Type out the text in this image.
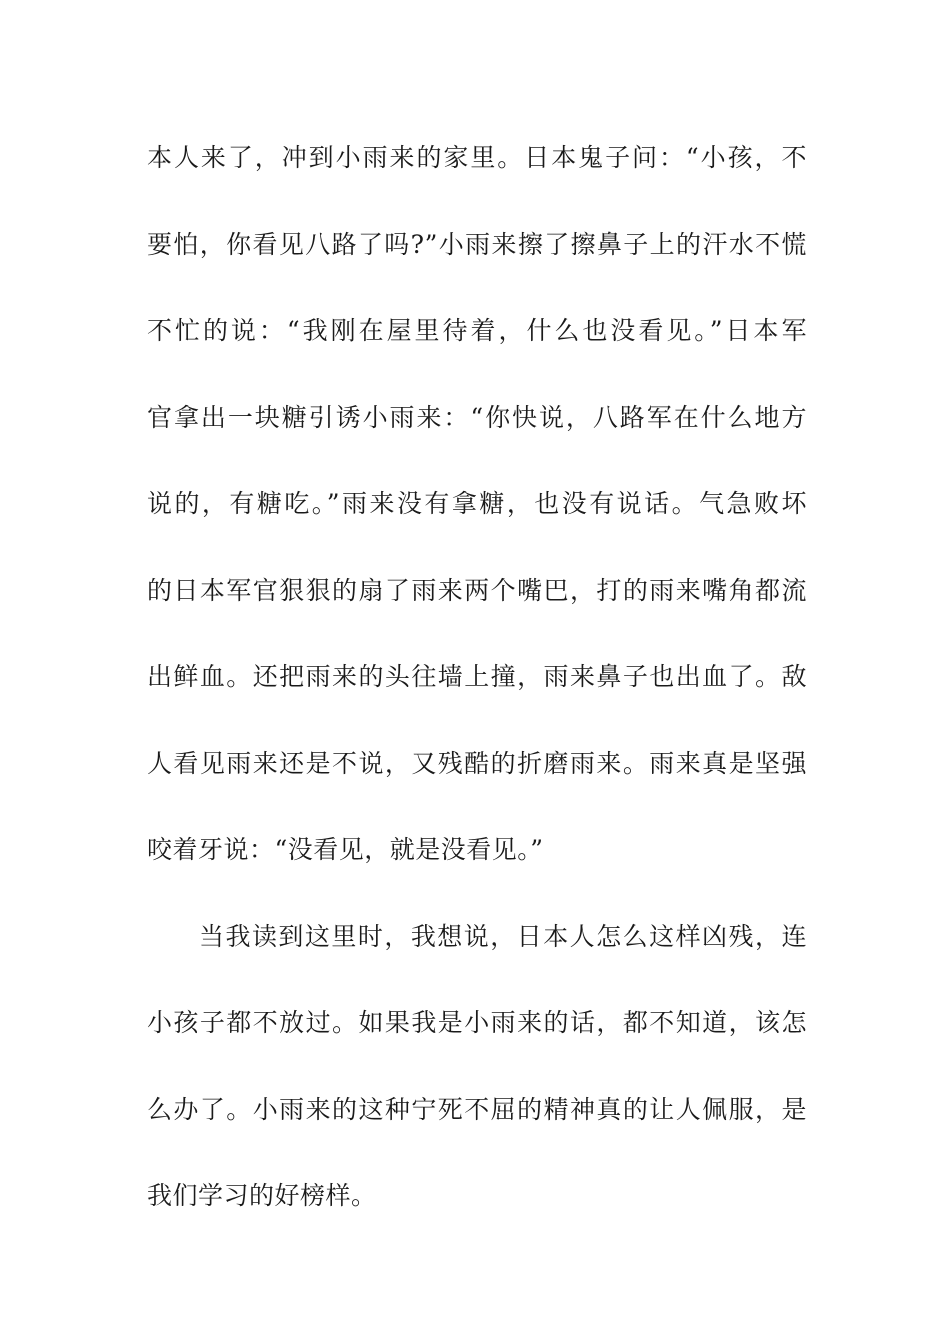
本人来了，冲到小雨来的家里。日本鬼子问：“小孩，不
要怕，你看见八路了吗?”小雨来擦了擦鼻子上的汗水不慌
不忙的说：“我刚在屋里待着，什么也没看见。”日本军
官拿出一块糖引诱小雨来：“你快说，八路军在什么地方
说的，有糖吃。”雨来没有拿糖，也没有说话。气急败坏
的日本军官狠狠的扇了雨来两个嘴巴，打的雨来嘴角都流
出鲜血。还把雨来的头往墙上撞，雨来鼻子也出血了。敌
人看见雨来还是不说，又残酷的折磨雨来。雨来真是坚强
咬着牙说：“没看见，就是没看见。”
当我读到这里时，我想说，日本人怎么这样凶残，连
小孩子都不放过。如果我是小雨来的话，都不知道，该怎
么办了。小雨来的这种宁死不屈的精神真的让人佩服，是
我们学习的好榜样。
